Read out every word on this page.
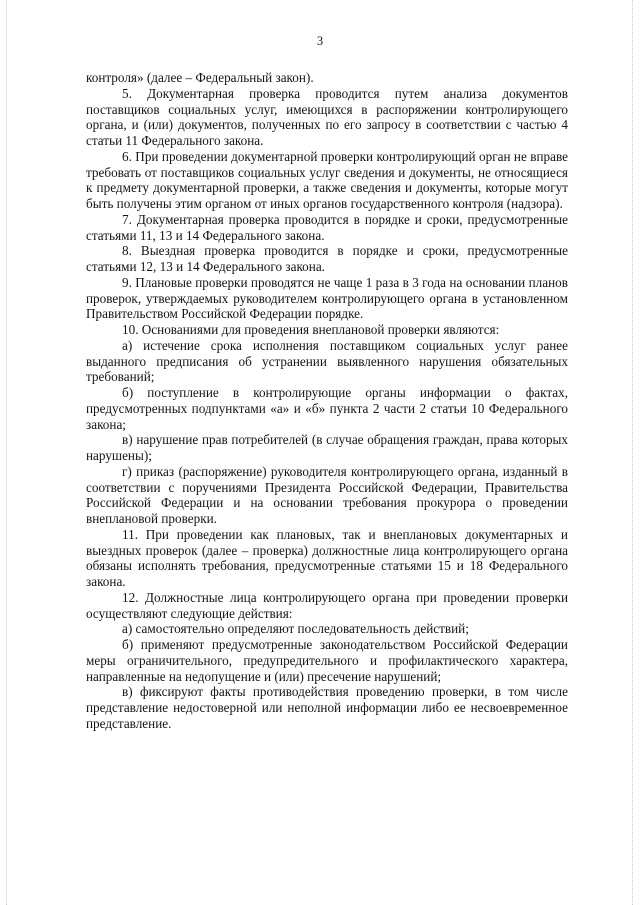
3

контроля» (далее – Федеральный закон).

5. Документарная проверка проводится путем анализа документов поставщиков социальных услуг, имеющихся в распоряжении контролирующего органа, и (или) документов, полученных по его запросу в соответствии с частью 4 статьи 11 Федерального закона.

6. При проведении документарной проверки контролирующий орган не вправе требовать от поставщиков социальных услуг сведения и документы, не относящиеся к предмету документарной проверки, а также сведения и документы, которые могут быть получены этим органом от иных органов государственного контроля (надзора).

7. Документарная проверка проводится в порядке и сроки, предусмотренные статьями 11, 13 и 14 Федерального закона.

8. Выездная проверка проводится в порядке и сроки, предусмотренные статьями 12, 13 и 14 Федерального закона.

9. Плановые проверки проводятся не чаще 1 раза в 3 года на основании планов проверок, утверждаемых руководителем контролирующего органа в установленном Правительством Российской Федерации порядке.

10. Основаниями для проведения внеплановой проверки являются:

а) истечение срока исполнения поставщиком социальных услуг ранее выданного предписания об устранении выявленного нарушения обязательных требований;

б) поступление в контролирующие органы информации о фактах, предусмотренных подпунктами «а» и «б» пункта 2 части 2 статьи 10 Федерального закона;

в) нарушение прав потребителей (в случае обращения граждан, права которых нарушены);

г) приказ (распоряжение) руководителя контролирующего органа, изданный в соответствии с поручениями Президента Российской Федерации, Правительства Российской Федерации и на основании требования прокурора о проведении внеплановой проверки.

11. При проведении как плановых, так и внеплановых документарных и выездных проверок (далее – проверка) должностные лица контролирующего органа обязаны исполнять требования, предусмотренные статьями 15 и 18 Федерального закона.

12. Должностные лица контролирующего органа при проведении проверки осуществляют следующие действия:

а) самостоятельно определяют последовательность действий;

б) применяют предусмотренные законодательством Российской Федерации меры ограничительного, предупредительного и профилактического характера, направленные на недопущение и (или) пресечение нарушений;

в) фиксируют факты противодействия проведению проверки, в том числе представление недостоверной или неполной информации либо ее несвоевременное представление.
